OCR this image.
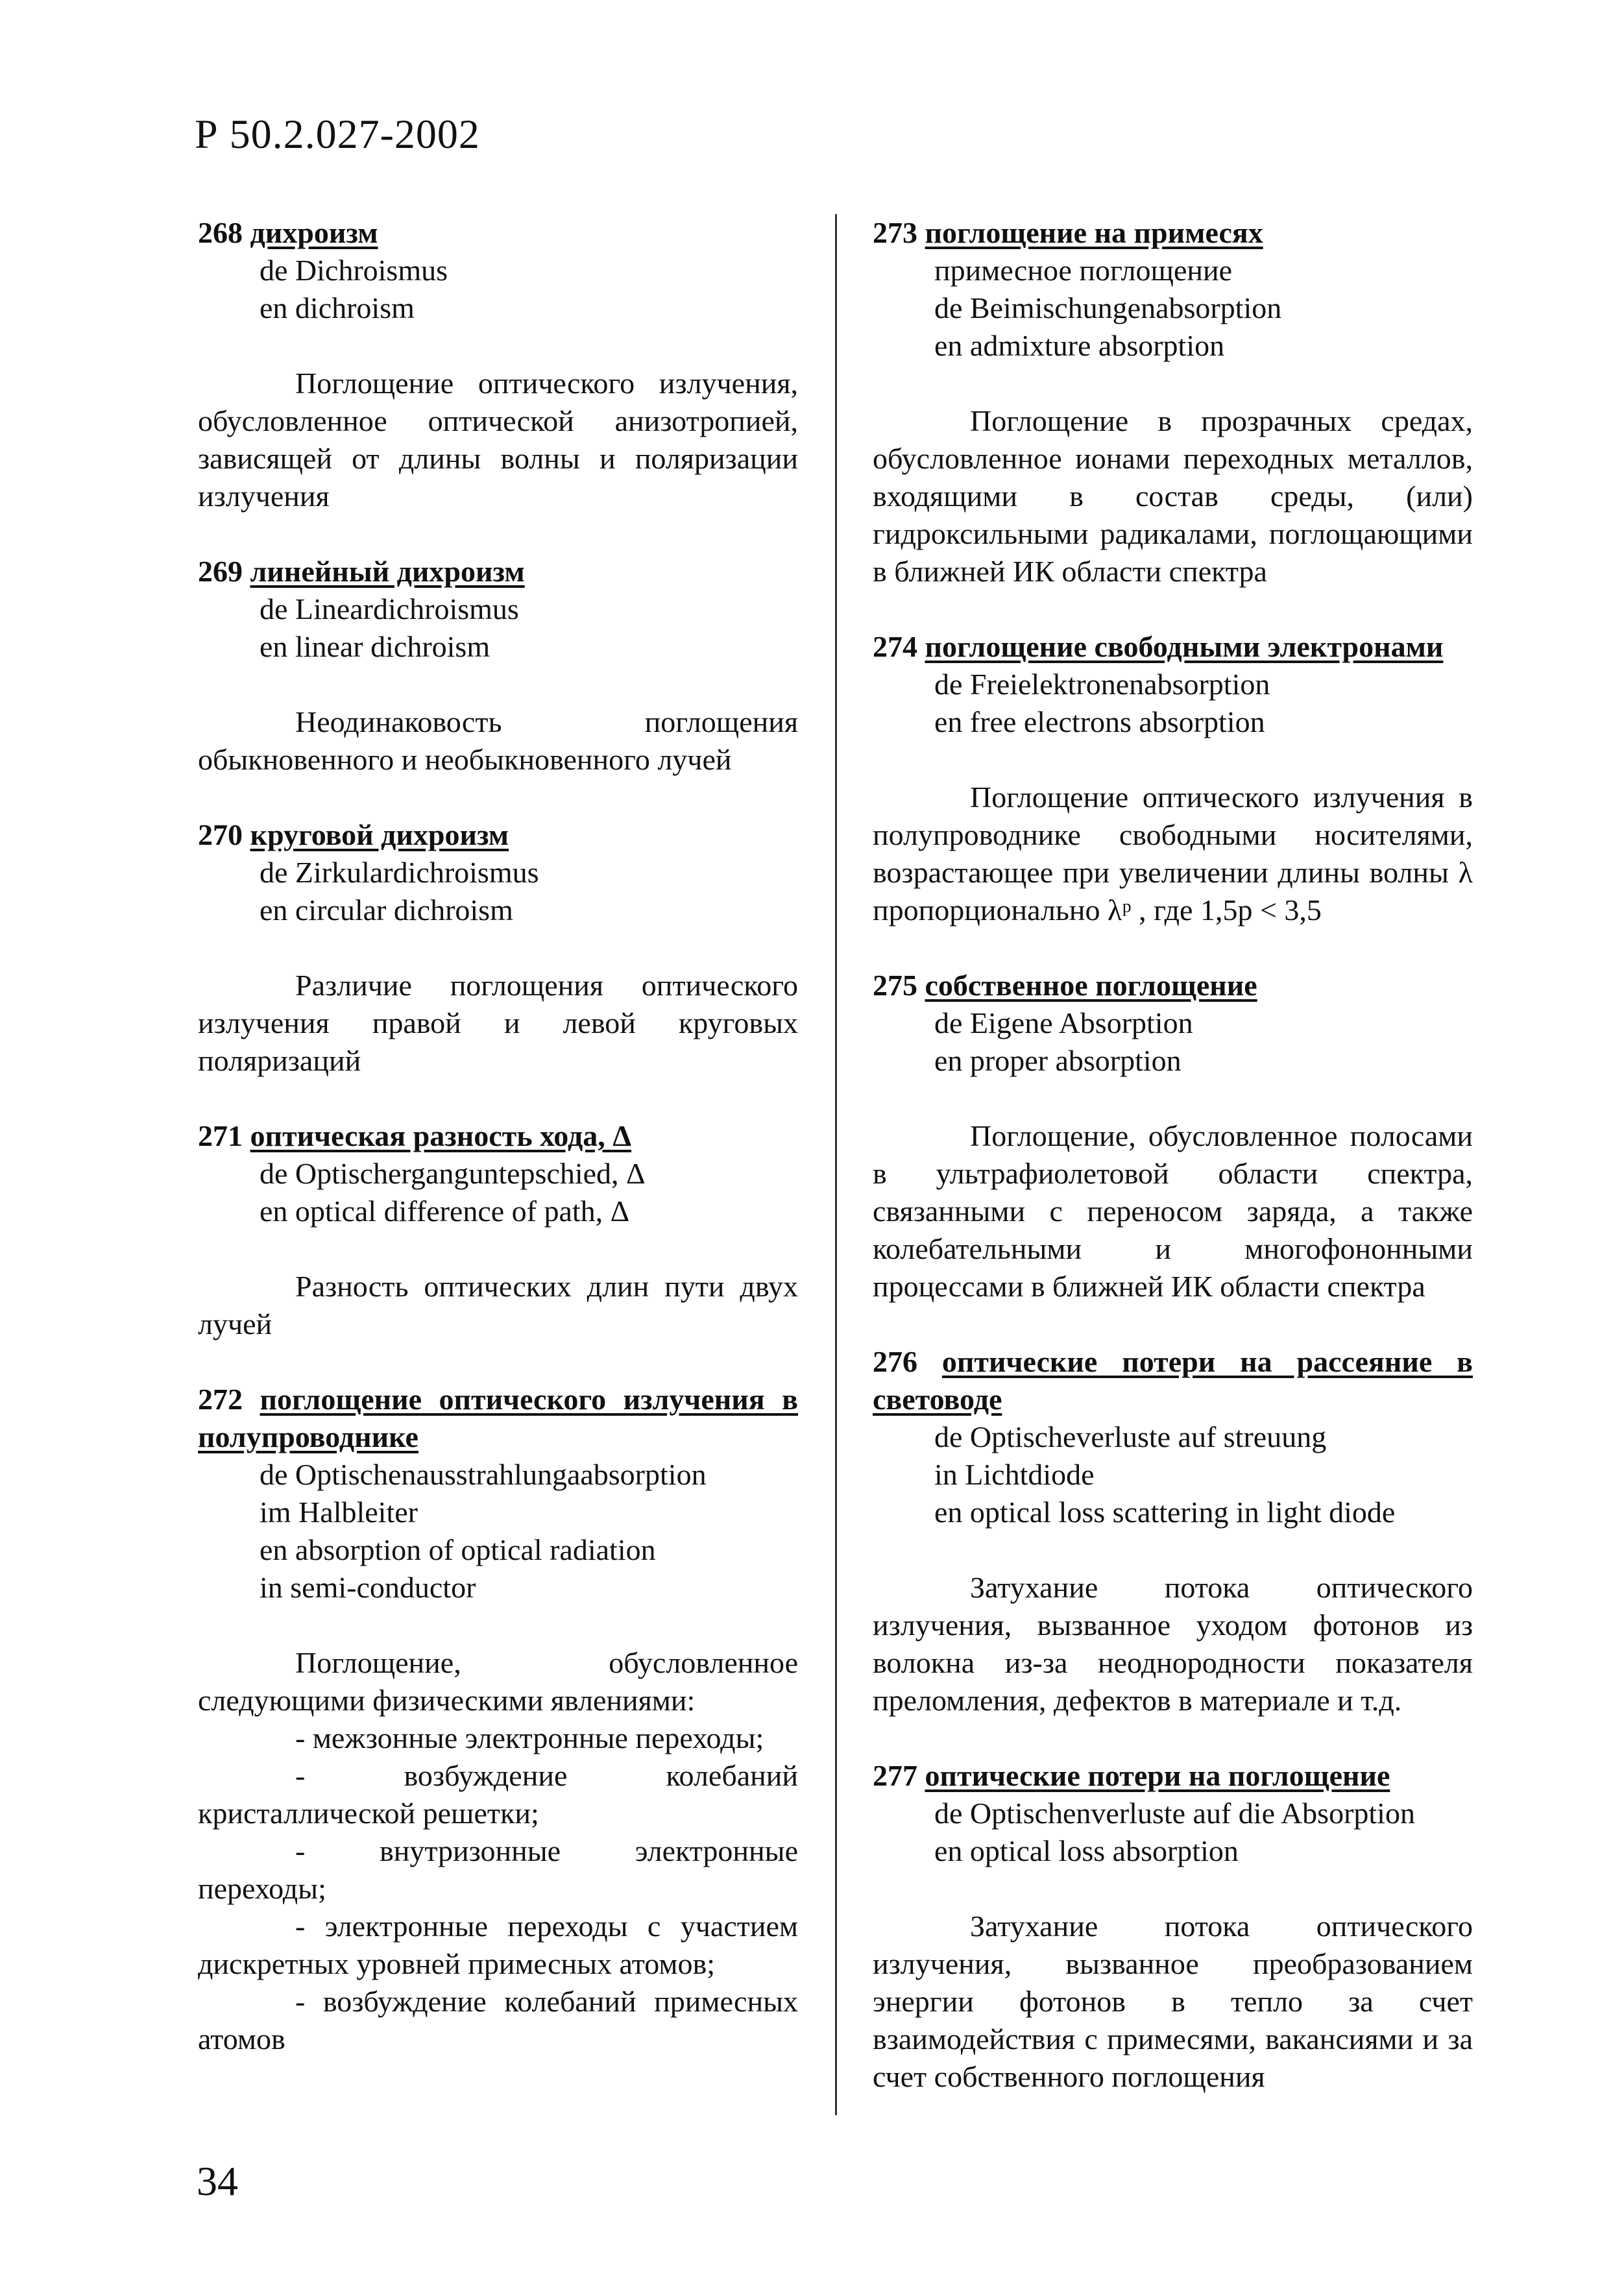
Р 50.2.027-2002

268 дихроизм

de Dichroismus

en dichroism

Поглощение оптического излучения, обусловленное оптической анизотропией, зависящей от длины волны и поляризации излучения

269 линейный дихроизм

de Lineardichroismus

en linear dichroism

Неодинаковость поглощения обыкновенного и необыкновенного лучей

270 круговой дихроизм

de Zirkulardichroismus

en circular dichroism

Различие поглощения оптического излучения правой и левой круговых поляризаций

271 оптическая разность хода, Δ

de Optischerganguntерschied, Δ

en optical difference of path, Δ

Разность оптических длин пути двух лучей

272 поглощение оптического излучения в полупроводнике

de Optischenausstrahlungaabsorption

im Halbleiter

en absorption of optical radiation

in semi-conductor

Поглощение, обусловленное следующими физическими явлениями:

- межзонные электронные переходы;

- возбуждение колебаний кристаллической решетки;

- внутризонные электронные переходы;

- электронные переходы с участием дискретных уровней примесных атомов;

- возбуждение колебаний примесных атомов

273 поглощение на примесях

примесное поглощение

de Beimischungenabsorption

en admixture absorption

Поглощение в прозрачных средах, обусловленное ионами переходных металлов, входящими в состав среды, (или) гидроксильными радикалами, поглощающими в ближней ИК области спектра

274 поглощение свободными электронами

de Freielektronenabsorption

en free electrons absorption

Поглощение оптического излучения в полупроводнике свободными носителями, возрастающее при увеличении длины волны λ пропорционально λᵖ , где 1,5p < 3,5

275 собственное поглощение

de Eigene Absorption

en proper absorption

Поглощение, обусловленное полосами в ультрафиолетовой области спектра, связанными с переносом заряда, а также колебательными и многофононными процессами в ближней ИК области спектра

276 оптические потери на рассеяние в световоде

de Optischeverluste auf streuung

in Lichtdiode

en optical loss scattering in light diode

Затухание потока оптического излучения, вызванное уходом фотонов из волокна из-за неоднородности показателя преломления, дефектов в материале и т.д.

277 оптические потери на поглощение

de Optischenverluste auf die Absorption

en optical loss absorption

Затухание потока оптического излучения, вызванное преобразованием энергии фотонов в тепло за счет взаимодействия с примесями, вакансиями и за счет собственного поглощения

34
